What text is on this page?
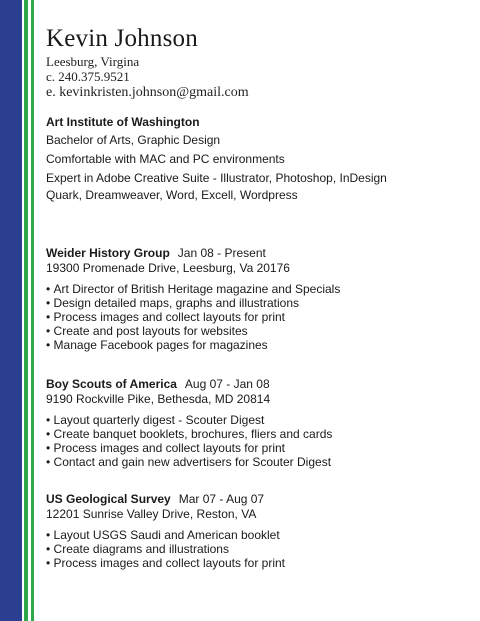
Kevin Johnson
Leesburg, Virgina
c. 240.375.9521
e. kevinkristen.johnson@gmail.com
Art Institute of Washington
Bachelor of Arts, Graphic Design
Comfortable with MAC and PC environments
Expert in Adobe Creative Suite - Illustrator, Photoshop, InDesign
Quark, Dreamweaver, Word, Excell, Wordpress
Weider History Group Jan 08 - Present
19300 Promenade Drive, Leesburg, Va 20176
• Art Director of British Heritage magazine and Specials
• Design detailed maps, graphs and illustrations
• Process images and collect layouts for print
• Create and post layouts for websites
• Manage Facebook pages for magazines
Boy Scouts of America Aug 07 - Jan 08
9190 Rockville Pike, Bethesda, MD 20814
• Layout quarterly digest - Scouter Digest
• Create banquet booklets, brochures, fliers and cards
• Process images and collect layouts for print
• Contact and gain new advertisers for Scouter Digest
US Geological Survey Mar 07 - Aug 07
12201 Sunrise Valley Drive, Reston, VA
• Layout USGS Saudi and American booklet
• Create diagrams and illustrations
• Process images and collect layouts for print
